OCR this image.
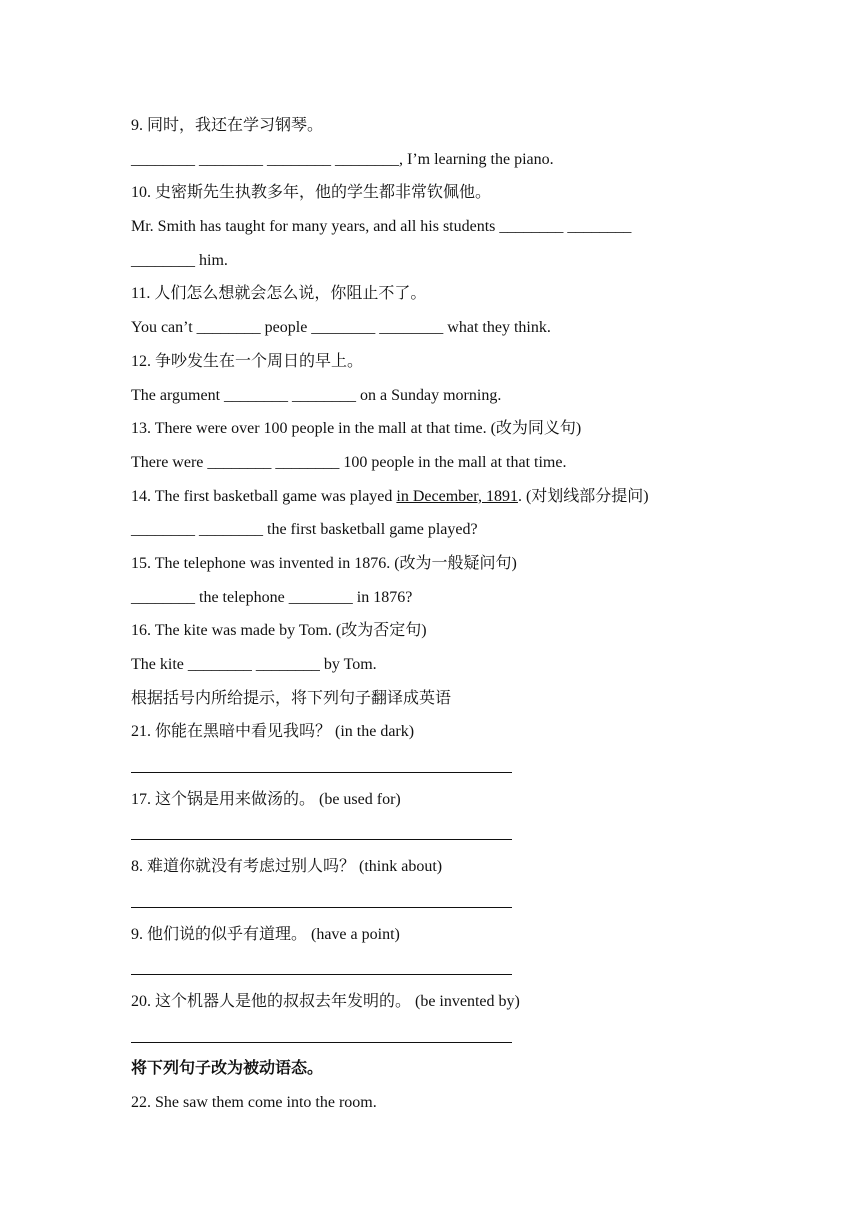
9. 同时，我还在学习钢琴。
________ ________ ________ ________, I’m learning the piano.
10. 史密斯先生执教多年，他的学生都非常钦佩他。
Mr. Smith has taught for many years, and all his students ________ ________
________ him.
11. 人们怎么想就会怎么说，你阻止不了。
You can’t ________ people ________ ________ what they think.
12. 争吵发生在一个周日的早上。
The argument ________ ________ on a Sunday morning.
13. There were over 100 people in the mall at that time. (改为同义句)
There were ________ ________ 100 people in the mall at that time.
14. The first basketball game was played in December, 1891. (对划线部分提问)
________ ________ the first basketball game played?
15. The telephone was invented in 1876. (改为一般疑问句)
________ the telephone ________ in 1876?
16. The kite was made by Tom. (改为否定句)
The kite ________ ________ by Tom.
根据括号内所给提示，将下列句子翻译成英语
21. 你能在黑暗中看见我吗？ (in the dark)
17. 这个锅是用来做汤的。 (be used for)
8. 难道你就没有考虑过别人吗？ (think about)
9. 他们说的似乎有道理。 (have a point)
20. 这个机器人是他的叔叔去年发明的。 (be invented by)
将下列句子改为被动语态。
22. She saw them come into the room.
